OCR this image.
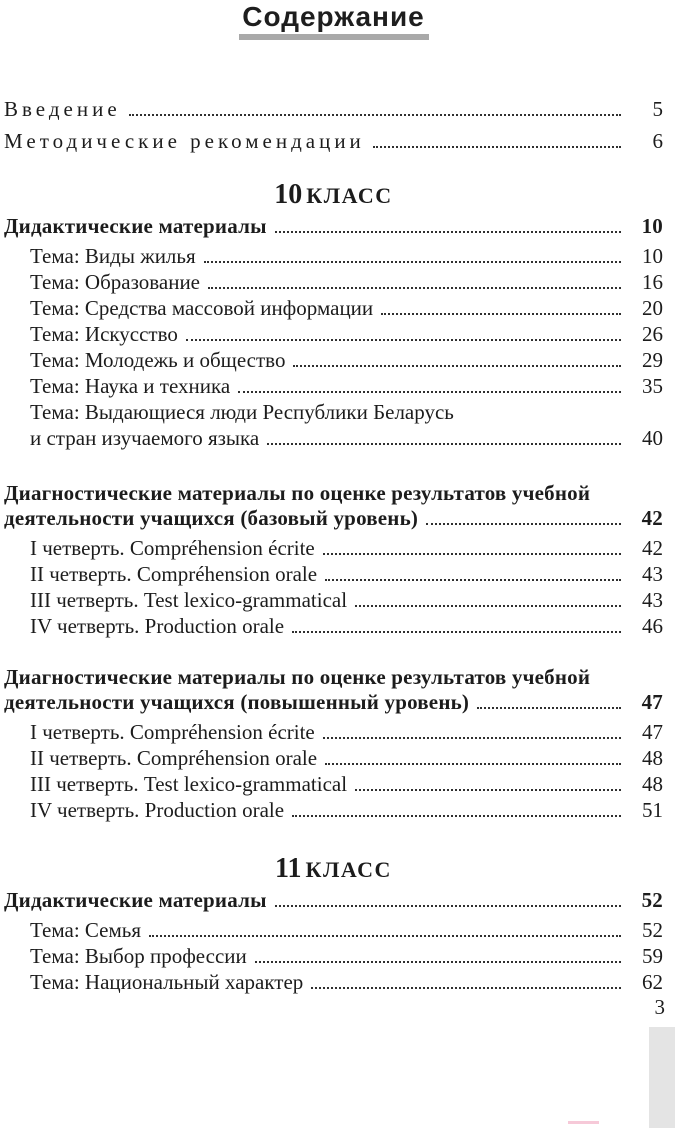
Содержание
Введение	5
Методические рекомендации	6
10 КЛАСС
Дидактические материалы	10
Тема: Виды жилья	10
Тема: Образование	16
Тема: Средства массовой информации	20
Тема: Искусство	26
Тема: Молодежь и общество	29
Тема: Наука и техника	35
Тема: Выдающиеся люди Республики Беларусь
и стран изучаемого языка	40
Диагностические материалы по оценке результатов учебной
деятельности учащихся (базовый уровень)	42
I четверть. Compréhension écrite	42
II четверть. Compréhension orale	43
III четверть. Test lexico-grammatical	43
IV четверть. Production orale	46
Диагностические материалы по оценке результатов учебной
деятельности учащихся (повышенный уровень)	47
I четверть. Compréhension écrite	47
II четверть. Compréhension orale	48
III четверть. Test lexico-grammatical	48
IV четверть. Production orale	51
11 КЛАСС
Дидактические материалы	52
Тема: Семья	52
Тема: Выбор профессии	59
Тема: Национальный характер	62
3
